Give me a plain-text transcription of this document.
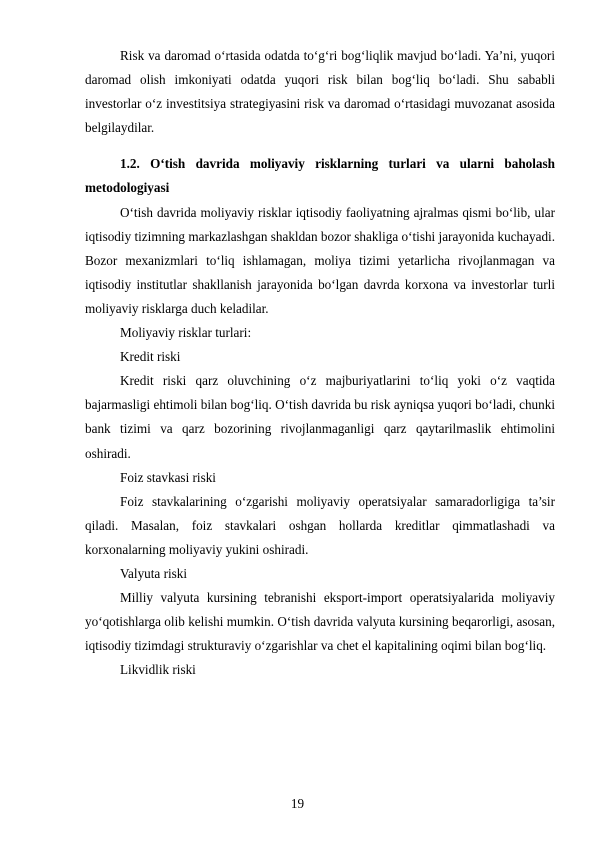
Risk va daromad o‘rtasida odatda to‘g‘ri bog‘liqlik mavjud bo‘ladi. Ya’ni, yuqori daromad olish imkoniyati odatda yuqori risk bilan bog‘liq bo‘ladi. Shu sababli investorlar o‘z investitsiya strategiyasini risk va daromad o‘rtasidagi muvozanat asosida belgilaydilar.

1.2. O‘tish davrida moliyaviy risklarning turlari va ularni baholash metodologiyasi

O‘tish davrida moliyaviy risklar iqtisodiy faoliyatning ajralmas qismi bo‘lib, ular iqtisodiy tizimning markazlashgan shakldan bozor shakliga o‘tishi jarayonida kuchayadi. Bozor mexanizmlari to‘liq ishlamagan, moliya tizimi yetarlicha rivojlanmagan va iqtisodiy institutlar shakllanish jarayonida bo‘lgan davrda korxona va investorlar turli moliyaviy risklarga duch keladilar.

Moliyaviy risklar turlari:

Kredit riski

Kredit riski qarz oluvchining o‘z majburiyatlarini to‘liq yoki o‘z vaqtida bajarmasligi ehtimoli bilan bog‘liq. O‘tish davrida bu risk ayniqsa yuqori bo‘ladi, chunki bank tizimi va qarz bozorining rivojlanmaganligi qarz qaytarilmaslik ehtimolini oshiradi.

Foiz stavkasi riski

Foiz stavkalarining o‘zgarishi moliyaviy operatsiyalar samaradorligiga ta’sir qiladi. Masalan, foiz stavkalari oshgan hollarda kreditlar qimmatlashadi va korxonalarning moliyaviy yukini oshiradi.

Valyuta riski

Milliy valyuta kursining tebranishi eksport-import operatsiyalarida moliyaviy yo‘qotishlarga olib kelishi mumkin. O‘tish davrida valyuta kursining beqarorligi, asosan, iqtisodiy tizimdagi strukturaviy o‘zgarishlar va chet el kapitalining oqimi bilan bog‘liq.

Likvidlik riski

19
